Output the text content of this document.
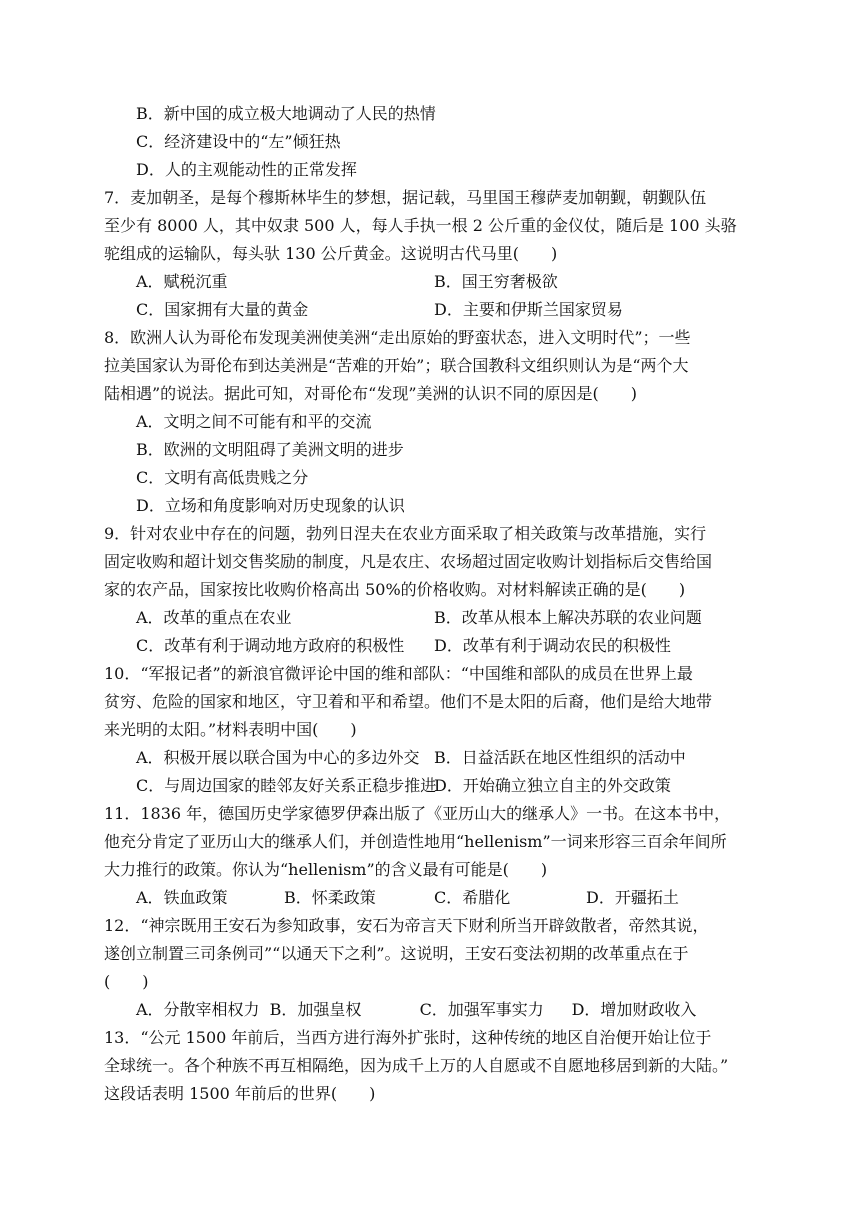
B．新中国的成立极大地调动了人民的热情
C．经济建设中的“左”倾狂热
D．人的主观能动性的正常发挥
7．麦加朝圣，是每个穆斯林毕生的梦想，据记载，马里国王穆萨麦加朝觐，朝觐队伍
至少有 8000 人，其中奴隶 500 人，每人手执一根 2 公斤重的金仪仗，随后是 100 头骆
驼组成的运输队，每头驮 130 公斤黄金。这说明古代马里(　　)
A．赋税沉重	B．国王穷奢极欲
C．国家拥有大量的黄金	D．主要和伊斯兰国家贸易
8．欧洲人认为哥伦布发现美洲使美洲“走出原始的野蛮状态，进入文明时代”；一些
拉美国家认为哥伦布到达美洲是“苦难的开始”；联合国教科文组织则认为是“两个大
陆相遇”的说法。据此可知，对哥伦布“发现”美洲的认识不同的原因是(　　)
A．文明之间不可能有和平的交流
B．欧洲的文明阻碍了美洲文明的进步
C．文明有高低贵贱之分
D．立场和角度影响对历史现象的认识
9．针对农业中存在的问题，勃列日涅夫在农业方面采取了相关政策与改革措施，实行
固定收购和超计划交售奖励的制度，凡是农庄、农场超过固定收购计划指标后交售给国
家的农产品，国家按比收购价格高出 50%的价格收购。对材料解读正确的是(　　)
A．改革的重点在农业	B．改革从根本上解决苏联的农业问题
C．改革有利于调动地方政府的积极性	D．改革有利于调动农民的积极性
10．“军报记者”的新浪官微评论中国的维和部队：“中国维和部队的成员在世界上最
贫穷、危险的国家和地区，守卫着和平和希望。他们不是太阳的后裔，他们是给大地带
来光明的太阳。”材料表明中国(　　)
A．积极开展以联合国为中心的多边外交 B．日益活跃在地区性组织的活动中
C．与周边国家的睦邻友好关系正稳步推进
D．开始确立独立自主的外交政策
11．1836 年，德国历史学家德罗伊森出版了《亚历山大的继承人》一书。在这本书中，
他充分肯定了亚历山大的继承人们，并创造性地用“hellenism”一词来形容三百余年间所
大力推行的政策。你认为“hellenism”的含义最有可能是(　　)
A．铁血政策	B．怀柔政策	C．希腊化	D．开疆拓土
12．“神宗既用王安石为参知政事，安石为帝言天下财利所当开辟敛散者，帝然其说，
遂创立制置三司条例司”“以通天下之利”。这说明，王安石变法初期的改革重点在于
(　　)
A．分散宰相权力 B．加强皇权	C．加强军事实力	D．增加财政收入
13．“公元 1500 年前后，当西方进行海外扩张时，这种传统的地区自治便开始让位于
全球统一。各个种族不再互相隔绝，因为成千上万的人自愿或不自愿地移居到新的大陆。”
这段话表明 1500 年前后的世界(　　)
